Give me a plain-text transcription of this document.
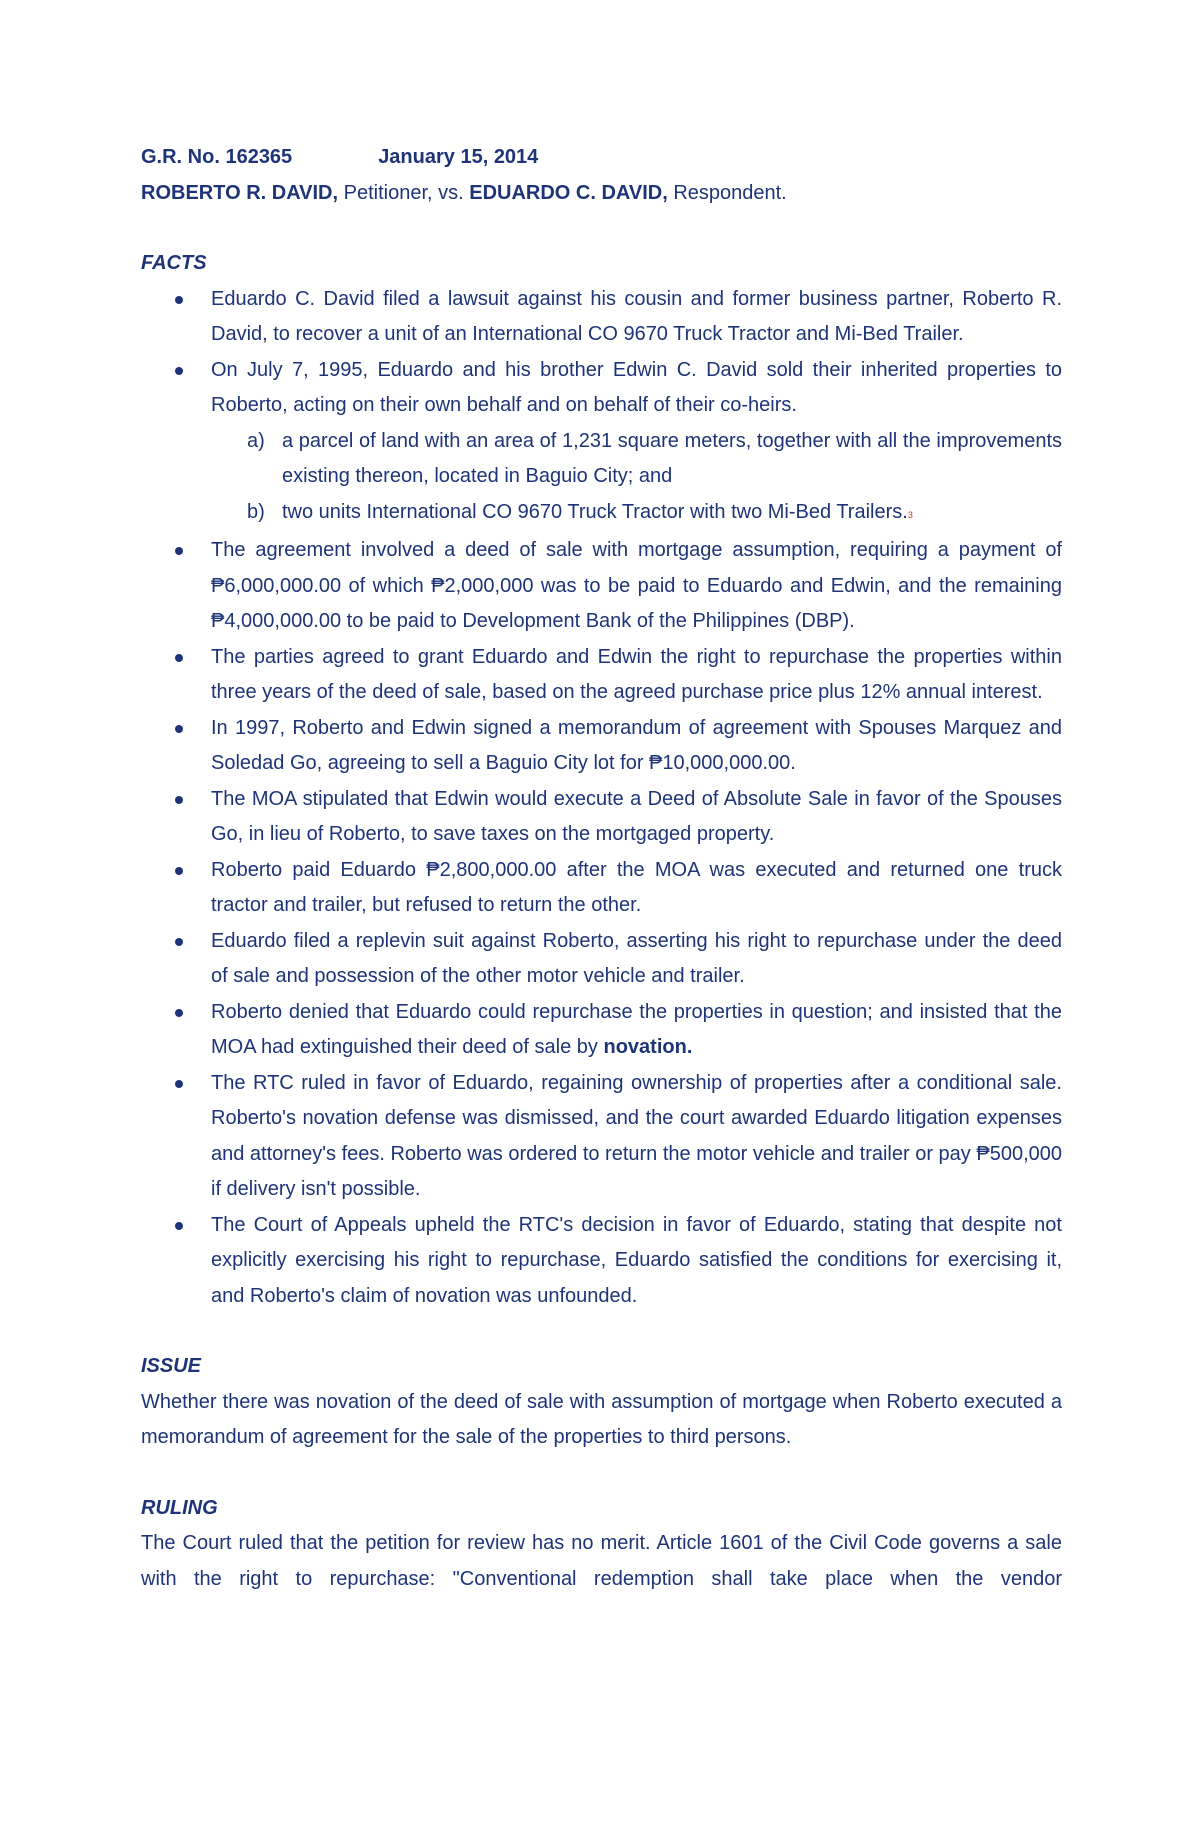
G.R. No. 162365	January 15, 2014
ROBERTO R. DAVID, Petitioner, vs. EDUARDO C. DAVID, Respondent.
FACTS
Eduardo C. David filed a lawsuit against his cousin and former business partner, Roberto R. David, to recover a unit of an International CO 9670 Truck Tractor and Mi-Bed Trailer.
On July 7, 1995, Eduardo and his brother Edwin C. David sold their inherited properties to Roberto, acting on their own behalf and on behalf of their co-heirs.
a) a parcel of land with an area of 1,231 square meters, together with all the improvements existing thereon, located in Baguio City; and
b) two units International CO 9670 Truck Tractor with two Mi-Bed Trailers.3
The agreement involved a deed of sale with mortgage assumption, requiring a payment of ₱6,000,000.00 of which ₱2,000,000 was to be paid to Eduardo and Edwin, and the remaining ₱4,000,000.00 to be paid to Development Bank of the Philippines (DBP).
The parties agreed to grant Eduardo and Edwin the right to repurchase the properties within three years of the deed of sale, based on the agreed purchase price plus 12% annual interest.
In 1997, Roberto and Edwin signed a memorandum of agreement with Spouses Marquez and Soledad Go, agreeing to sell a Baguio City lot for ₱10,000,000.00.
The MOA stipulated that Edwin would execute a Deed of Absolute Sale in favor of the Spouses Go, in lieu of Roberto, to save taxes on the mortgaged property.
Roberto paid Eduardo ₱2,800,000.00 after the MOA was executed and returned one truck tractor and trailer, but refused to return the other.
Eduardo filed a replevin suit against Roberto, asserting his right to repurchase under the deed of sale and possession of the other motor vehicle and trailer.
Roberto denied that Eduardo could repurchase the properties in question; and insisted that the MOA had extinguished their deed of sale by novation.
The RTC ruled in favor of Eduardo, regaining ownership of properties after a conditional sale. Roberto's novation defense was dismissed, and the court awarded Eduardo litigation expenses and attorney's fees. Roberto was ordered to return the motor vehicle and trailer or pay ₱500,000 if delivery isn't possible.
The Court of Appeals upheld the RTC's decision in favor of Eduardo, stating that despite not explicitly exercising his right to repurchase, Eduardo satisfied the conditions for exercising it, and Roberto's claim of novation was unfounded.
ISSUE
Whether there was novation of the deed of sale with assumption of mortgage when Roberto executed a memorandum of agreement for the sale of the properties to third persons.
RULING
The Court ruled that the petition for review has no merit. Article 1601 of the Civil Code governs a sale with the right to repurchase: "Conventional redemption shall take place when the vendor
